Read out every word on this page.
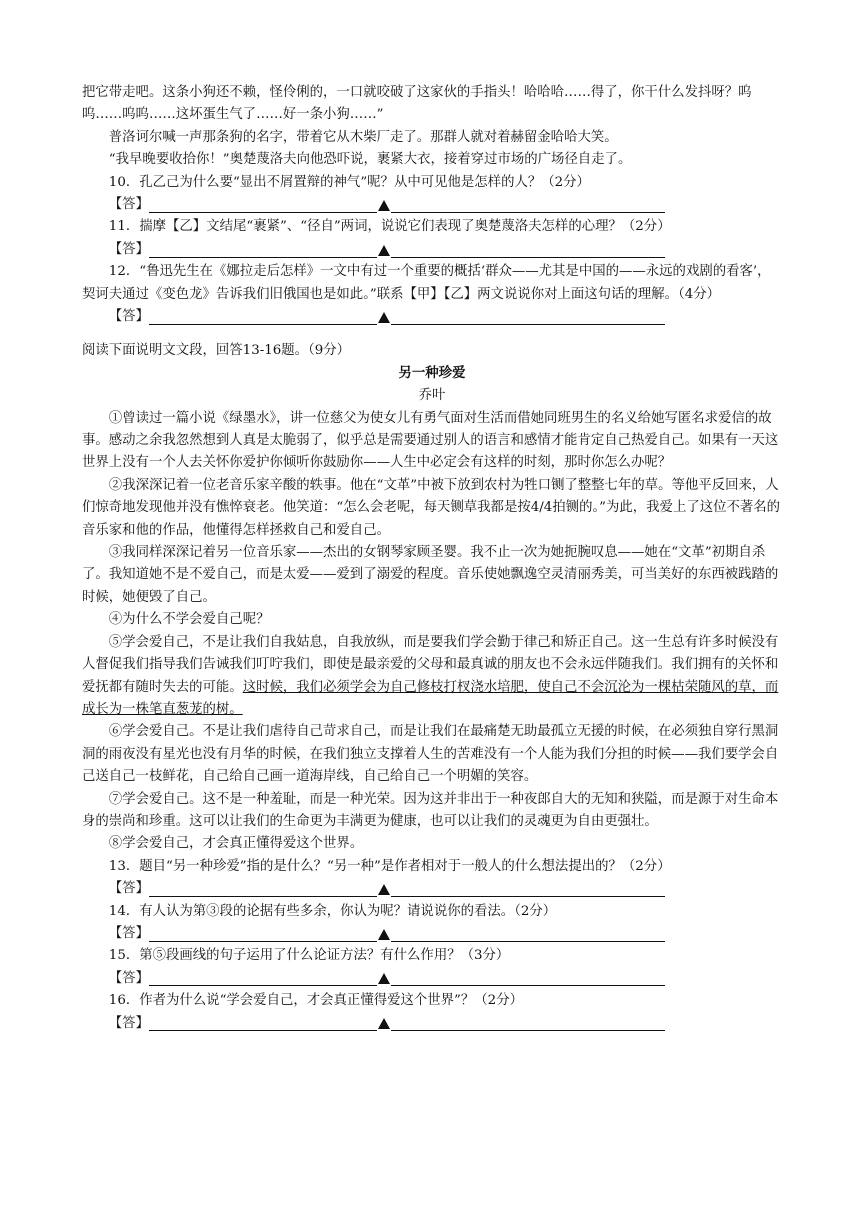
把它带走吧。这条小狗还不赖，怪伶俐的，一口就咬破了这家伙的手指头！哈哈哈……得了，你干什么发抖呀？呜呜……呜呜……这坏蛋生气了……好一条小狗……”

普洛诃尔喊一声那条狗的名字，带着它从木柴厂走了。那群人就对着赫留金哈哈大笑。

“我早晚要收拾你！”奥楚蔑洛夫向他恐吓说，裹紧大衣，接着穿过市场的广场径自走了。

10．孔乙己为什么要“显出不屑置辩的神气”呢？从中可见他是怎样的人？（2分）

【答】

11．揣摩【乙】文结尾“裹紧”、“径自”两词，说说它们表现了奥楚蔑洛夫怎样的心理？（2分）

【答】

12．“鲁迅先生在《娜拉走后怎样》一文中有过一个重要的概括‘群众——尤其是中国的——永远的戏剧的看客’，契诃夫通过《变色龙》告诉我们旧俄国也是如此。”联系【甲】【乙】两文说说你对上面这句话的理解。（4分）

【答】

阅读下面说明文文段，回答13-16题。（9分）

另一种珍爱

乔叶

①曾读过一篇小说《绿墨水》，讲一位慈父为使女儿有勇气面对生活而借她同班男生的名义给她写匿名求爱信的故事。感动之余我忽然想到人真是太脆弱了，似乎总是需要通过别人的语言和感情才能肯定自己热爱自己。如果有一天这世界上没有一个人去关怀你爱护你倾听你鼓励你——人生中必定会有这样的时刻，那时你怎么办呢？

②我深深记着一位老音乐家辛酸的轶事。他在“文革”中被下放到农村为牲口铡了整整七年的草。等他平反回来，人们惊奇地发现他并没有憔悴衰老。他笑道：“怎么会老呢，每天铡草我都是按4/4拍铡的。”为此，我爱上了这位不著名的音乐家和他的作品，他懂得怎样拯救自己和爱自己。

③我同样深深记着另一位音乐家——杰出的女钢琴家顾圣婴。我不止一次为她扼腕叹息——她在“文革”初期自杀了。我知道她不是不爱自己，而是太爱——爱到了溺爱的程度。音乐使她飘逸空灵清丽秀美，可当美好的东西被践踏的时候，她便毁了自己。

④为什么不学会爱自己呢？

⑤学会爱自己，不是让我们自我姑息，自我放纵，而是要我们学会勤于律己和矫正自己。这一生总有许多时候没有人督促我们指导我们告诫我们叮咛我们，即使是最亲爱的父母和最真诚的朋友也不会永远伴随我们。我们拥有的关怀和爱抚都有随时失去的可能。这时候，我们必须学会为自己修枝打杈浇水培肥，使自己不会沉沦为一棵枯荣随风的草，而成长为一株笔直葱茏的树。

⑥学会爱自己。不是让我们虐待自己苛求自己，而是让我们在最痛楚无助最孤立无援的时候，在必须独自穿行黑洞洞的雨夜没有星光也没有月华的时候，在我们独立支撑着人生的苦难没有一个人能为我们分担的时候——我们要学会自己送自己一枝鲜花，自己给自己画一道海岸线，自己给自己一个明媚的笑容。

⑦学会爱自己。这不是一种羞耻，而是一种光荣。因为这并非出于一种夜郎自大的无知和狭隘，而是源于对生命本身的崇尚和珍重。这可以让我们的生命更为丰满更为健康，也可以让我们的灵魂更为自由更强壮。

⑧学会爱自己，才会真正懂得爱这个世界。

13．题目“另一种珍爱”指的是什么？“另一种”是作者相对于一般人的什么想法提出的？（2分）

【答】

14．有人认为第③段的论据有些多余，你认为呢？请说说你的看法。（2分）

【答】

15．第⑤段画线的句子运用了什么论证方法？有什么作用？（3分）

【答】

16．作者为什么说“学会爱自己，才会真正懂得爱这个世界”？（2分）

【答】
